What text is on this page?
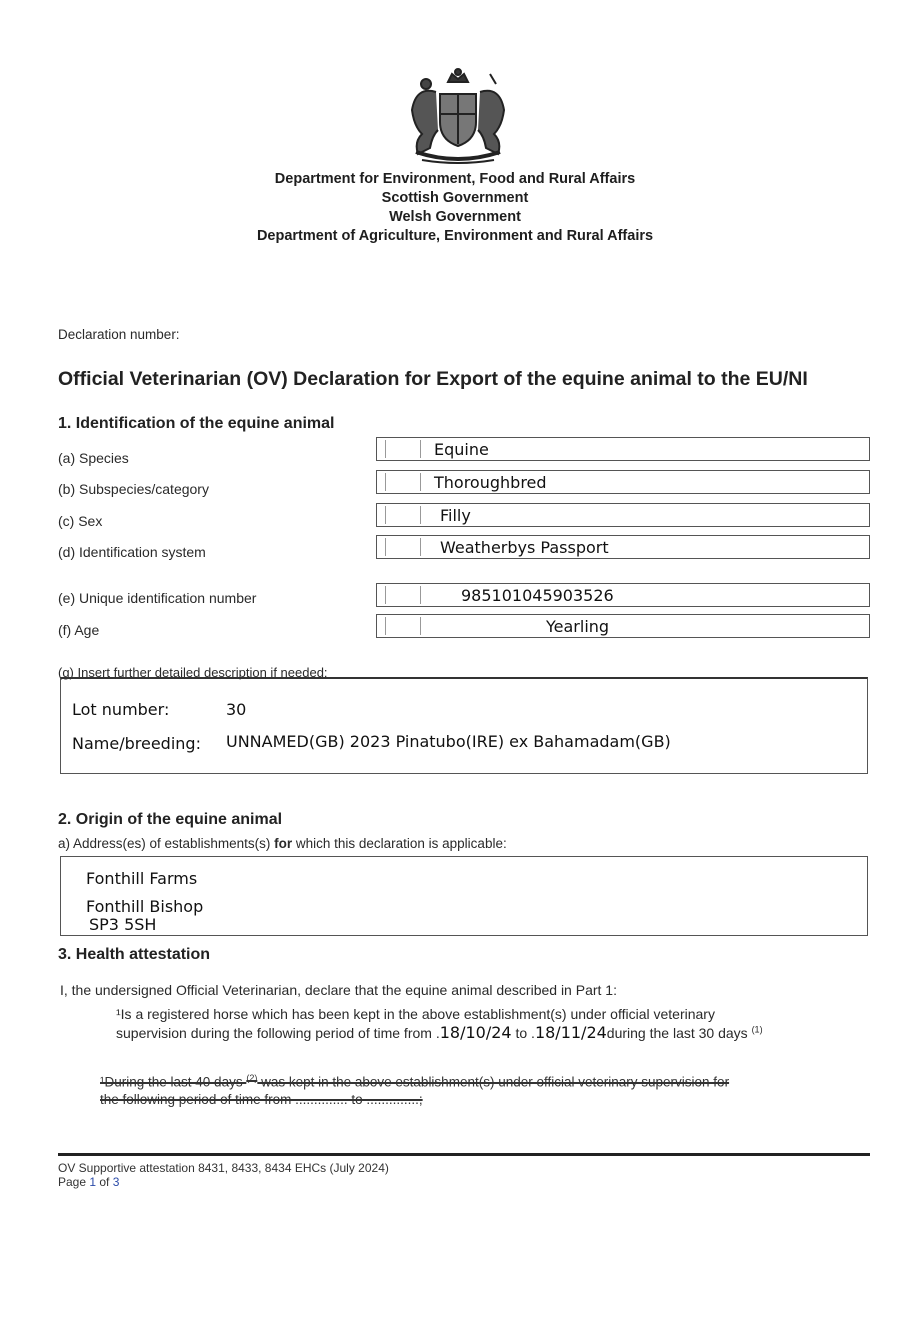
Department for Environment, Food and Rural Affairs
Scottish Government
Welsh Government
Department of Agriculture, Environment and Rural Affairs
Declaration number:
Official Veterinarian (OV) Declaration for Export of the equine animal to the EU/NI
1. Identification of the equine animal
(a) Species	Equine
(b) Subspecies/category	Thoroughbred
(c) Sex	Filly
(d) Identification system	Weatherbys Passport
(e) Unique identification number	985101045903526
(f) Age	Yearling
(g) Insert further detailed description if needed:
Lot number:	30
Name/breeding: UNNAMED(GB) 2023 Pinatubo(IRE) ex Bahamadam(GB)
2. Origin of the equine animal
a) Address(es) of establishments(s) for which this declaration is applicable:
Fonthill Farms
Fonthill Bishop
SP3 5SH
3. Health attestation
I, the undersigned Official Veterinarian, declare that the equine animal described in Part 1:
¹Is a registered horse which has been kept in the above establishment(s) under official veterinary
supervision during the following period of time from .18/10/24 to .18/11/24during the last 30 days $^{(1)}$
¹During the last 40 days $^{(2)}$ was kept in the above establishment(s) under official veterinary supervision for
the following period of time from .............. to ..............;
OV Supportive attestation 8431, 8433, 8434 EHCs (July 2024)
Page 1 of 3
